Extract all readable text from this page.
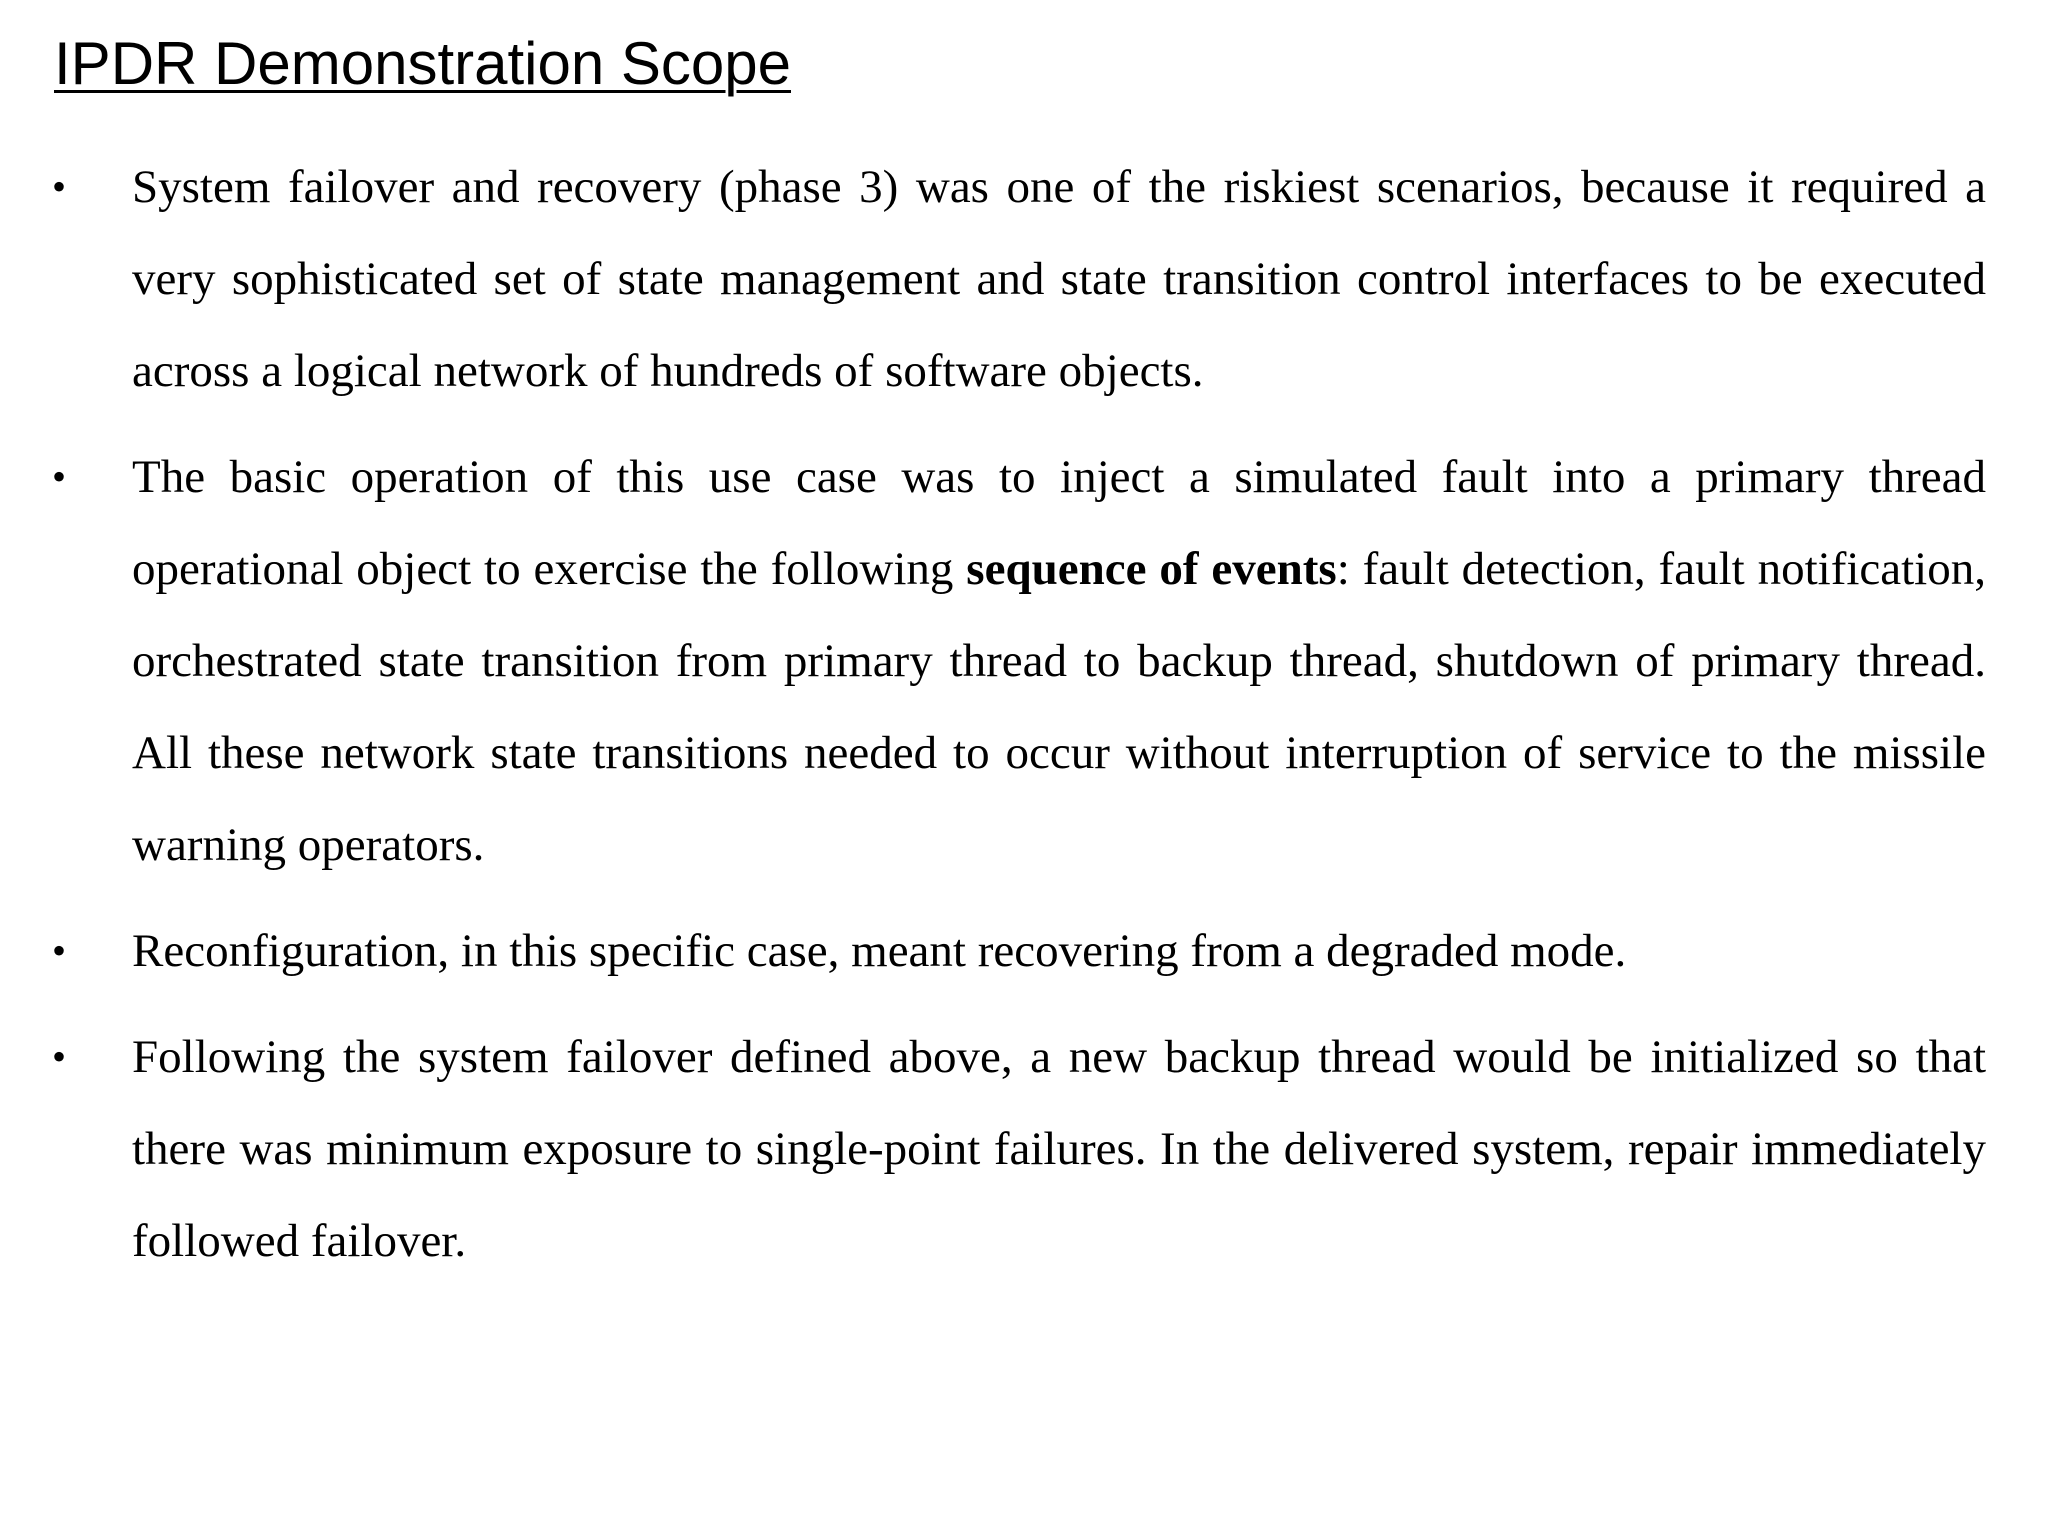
IPDR Demonstration Scope
•	System failover and recovery (phase 3) was one of the riskiest scenarios, because it required a very sophisticated set of state management and state transition control interfaces to be executed across a logical network of hundreds of software objects.
•	The basic operation of this use case was to inject a simulated fault into a primary thread operational object to exercise the following sequence of events: fault detection, fault notification, orchestrated state transition from primary thread to backup thread, shutdown of primary thread. All these network state transitions needed to occur without interruption of service to the missile warning operators.
•	Reconfiguration, in this specific case, meant recovering from a degraded mode.
•	Following the system failover defined above, a new backup thread would be initialized so that there was minimum exposure to single-point failures. In the delivered system, repair immediately followed failover.
